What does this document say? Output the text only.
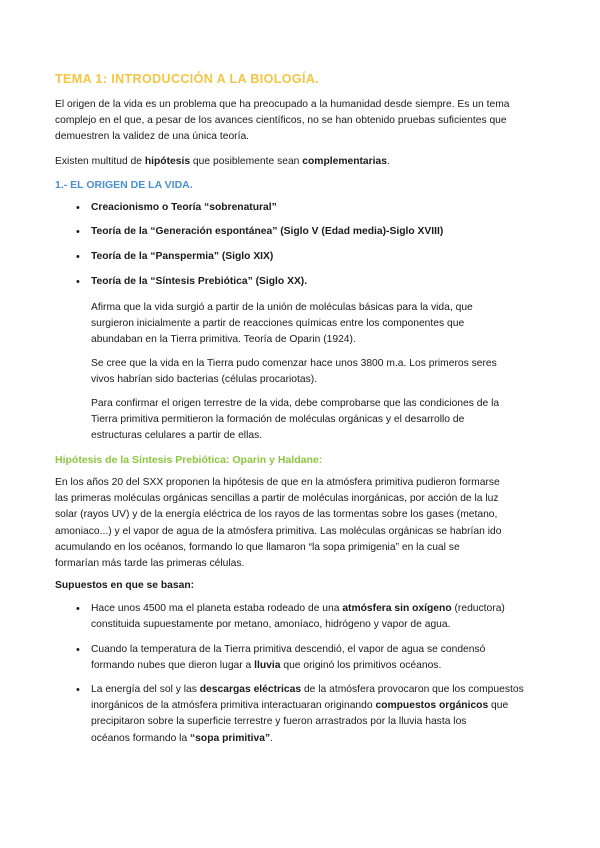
TEMA 1: INTRODUCCIÓN A LA BIOLOGÍA.
El origen de la vida es un problema que ha preocupado a la humanidad desde siempre. Es un tema
complejo en el que, a pesar de los avances científicos, no se han obtenido pruebas suficientes que
demuestren la validez de una única teoría.
Existen multitud de hipótesis que posiblemente sean complementarias.
1.- EL ORIGEN DE LA VIDA.
• Creacionismo o Teoría “sobrenatural”
• Teoría de la “Generación espontánea” (Siglo V (Edad media)-Siglo XVIII)
• Teoría de la “Panspermia” (Siglo XIX)
• Teoría de la “Síntesis Prebiótica” (Siglo XX).
Afirma que la vida surgió a partir de la unión de moléculas básicas para la vida, que
surgieron inicialmente a partir de reacciones químicas entre los componentes que
abundaban en la Tierra primitiva. Teoría de Oparin (1924).
Se cree que la vida en la Tierra pudo comenzar hace unos 3800 m.a. Los primeros seres
vivos habrían sido bacterias (células procariotas).
Para confirmar el origen terrestre de la vida, debe comprobarse que las condiciones de la
Tierra primitiva permitieron la formación de moléculas orgánicas y el desarrollo de
estructuras celulares a partir de ellas.
Hipótesis de la Síntesis Prebiótica: Oparin y Haldane:
En los años 20 del SXX proponen la hipótesis de que en la atmósfera primitiva pudieron formarse
las primeras moléculas orgánicas sencillas a partir de moléculas inorgánicas, por acción de la luz
solar (rayos UV) y de la energía eléctrica de los rayos de las tormentas sobre los gases (metano,
amoniaco...) y el vapor de agua de la atmósfera primitiva. Las moléculas orgánicas se habrían ido
acumulando en los océanos, formando lo que llamaron “la sopa primigenia” en la cual se
formarían más tarde las primeras células.
Supuestos en que se basan:
• Hace unos 4500 ma el planeta estaba rodeado de una atmósfera sin oxígeno (reductora)
constituida supuestamente por metano, amoníaco, hidrógeno y vapor de agua.
• Cuando la temperatura de la Tierra primitiva descendió, el vapor de agua se condensó
formando nubes que dieron lugar a lluvia que originó los primitivos océanos.
• La energía del sol y las descargas eléctricas de la atmósfera provocaron que los compuestos
inorgánicos de la atmósfera primitiva interactuaran originando compuestos orgánicos que
precipitaron sobre la superficie terrestre y fueron arrastrados por la lluvia hasta los
océanos formando la “sopa primitiva”.
